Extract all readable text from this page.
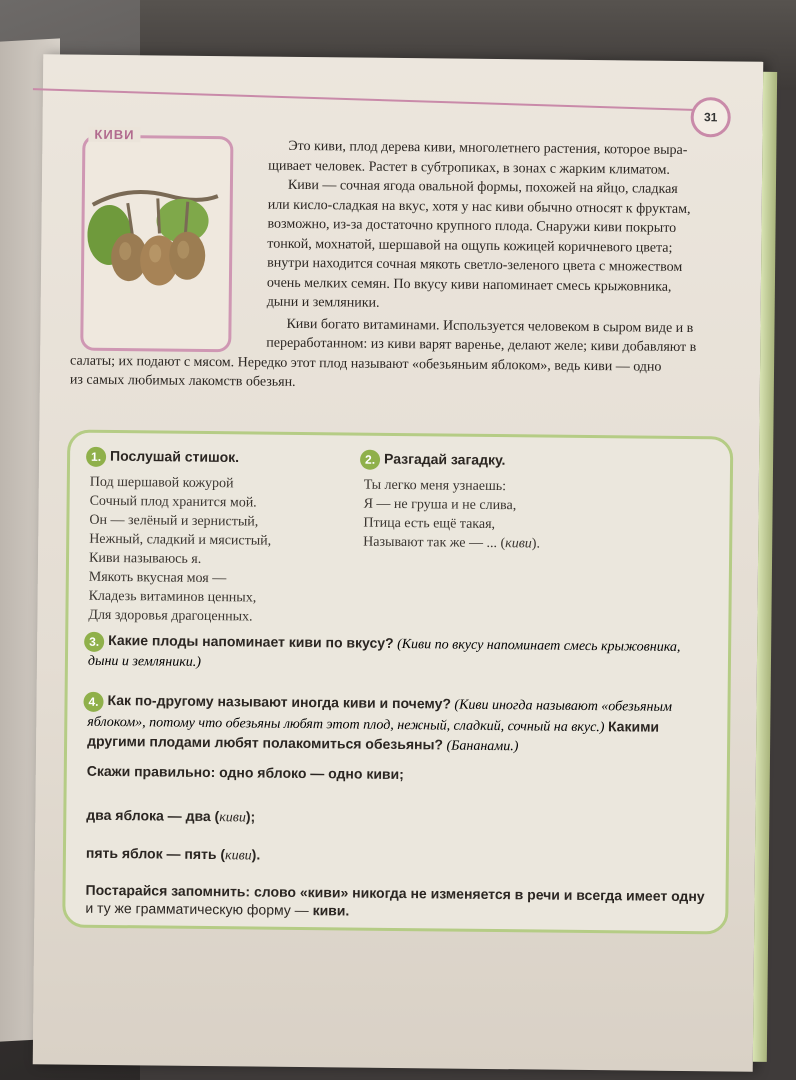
31
КИВИ

Это киви, плод дерева киви, многолетнего растения, которое выра-

щивает человек. Растет в субтропиках, в зонах с жарким климатом.

Киви — сочная ягода овальной формы, похожей на яйцо, сладкая

или кисло-сладкая на вкус, хотя у нас киви обычно относят к фруктам,

возможно, из-за достаточно крупного плода. Снаружи киви покрыто

тонкой, мохнатой, шершавой на ощупь кожицей коричневого цвета;

внутри находится сочная мякоть светло-зеленого цвета с множеством

очень мелких семян. По вкусу киви напоминает смесь крыжовника,

дыни и земляники.

Киви богато витаминами. Используется человеком в сыром виде и в

переработанном: из киви варят варенье, делают желе; киви добавляют в

салаты; их подают с мясом. Нередко этот плод называют «обезьяньим яблоком», ведь киви — одно

из самых любимых лакомств обезьян.

1. Послушай стишок.
Под шершавой кожурой
Сочный плод хранится мой.
Он — зелёный и зернистый,
Нежный, сладкий и мясистый,
Киви называюсь я.
Мякоть вкусная моя —
Кладезь витаминов ценных,
Для здоровья драгоценных.
2. Разгадай загадку.
Ты легко меня узнаешь:
Я — не груша и не слива,
Птица есть ещё такая,
Называют так же — ... (киви).
3. Какие плоды напоминает киви по вкусу? (Киви по вкусу напоминает смесь крыжовника,
дыни и земляники.)
4. Как по-другому называют иногда киви и почему? (Киви иногда называют «обезьяным
яблоком», потому что обезьяны любят этот плод, нежный, сладкий, сочный на вкус.) Какими
другими плодами любят полакомиться обезьяны? (Бананами.)
Скажи правильно: одно яблоко — одно киви;
два яблока — два (киви);
пять яблок — пять (киви).
Постарайся запомнить: слово «киви» никогда не изменяется в речи и всегда имеет одну
и ту же грамматическую форму — киви.
